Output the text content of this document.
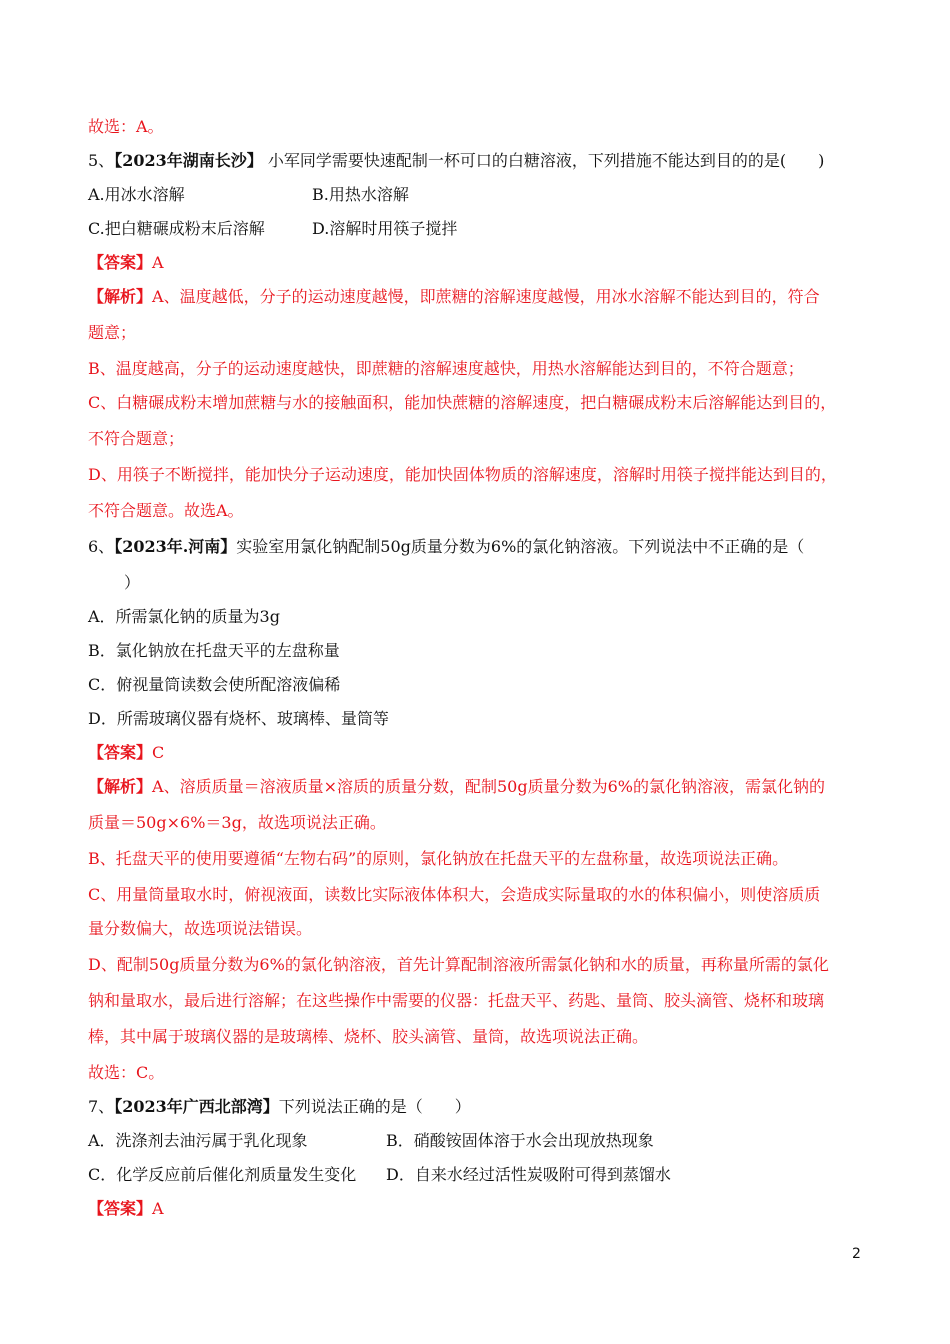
故选：A。
5、【2023年湖南长沙】 小军同学需要快速配制一杯可口的白糖溶液，下列措施不能达到目的的是(　　)
A.用冰水溶解	B.用热水溶解
C.把白糖碾成粉末后溶解	D.溶解时用筷子搅拌
【答案】A
【解析】A、温度越低，分子的运动速度越慢，即蔗糖的溶解速度越慢，用冰水溶解不能达到目的，符合
题意；
B、温度越高，分子的运动速度越快，即蔗糖的溶解速度越快，用热水溶解能达到目的，不符合题意；
C、白糖碾成粉末增加蔗糖与水的接触面积，能加快蔗糖的溶解速度，把白糖碾成粉末后溶解能达到目的，
不符合题意；
D、用筷子不断搅拌，能加快分子运动速度，能加快固体物质的溶解速度，溶解时用筷子搅拌能达到目的，
不符合题意。故选A。
6、【2023年.河南】实验室用氯化钠配制50g质量分数为6%的氯化钠溶液。下列说法中不正确的是（
）
A．所需氯化钠的质量为3g
B．氯化钠放在托盘天平的左盘称量
C．俯视量筒读数会使所配溶液偏稀
D．所需玻璃仪器有烧杯、玻璃棒、量筒等
【答案】C
【解析】A、溶质质量＝溶液质量×溶质的质量分数，配制50g质量分数为6%的氯化钠溶液，需氯化钠的
质量＝50g×6%＝3g，故选项说法正确。
B、托盘天平的使用要遵循“左物右码”的原则，氯化钠放在托盘天平的左盘称量，故选项说法正确。
C、用量筒量取水时，俯视液面，读数比实际液体体积大，会造成实际量取的水的体积偏小，则使溶质质
量分数偏大，故选项说法错误。
D、配制50g质量分数为6%的氯化钠溶液，首先计算配制溶液所需氯化钠和水的质量，再称量所需的氯化
钠和量取水，最后进行溶解；在这些操作中需要的仪器：托盘天平、药匙、量筒、胶头滴管、烧杯和玻璃
棒，其中属于玻璃仪器的是玻璃棒、烧杯、胶头滴管、量筒，故选项说法正确。
故选：C。
7、【2023年广西北部湾】下列说法正确的是（　　）
A．洗涤剂去油污属于乳化现象	B．硝酸铵固体溶于水会出现放热现象
C．化学反应前后催化剂质量发生变化 D．自来水经过活性炭吸附可得到蒸馏水
【答案】A
2
